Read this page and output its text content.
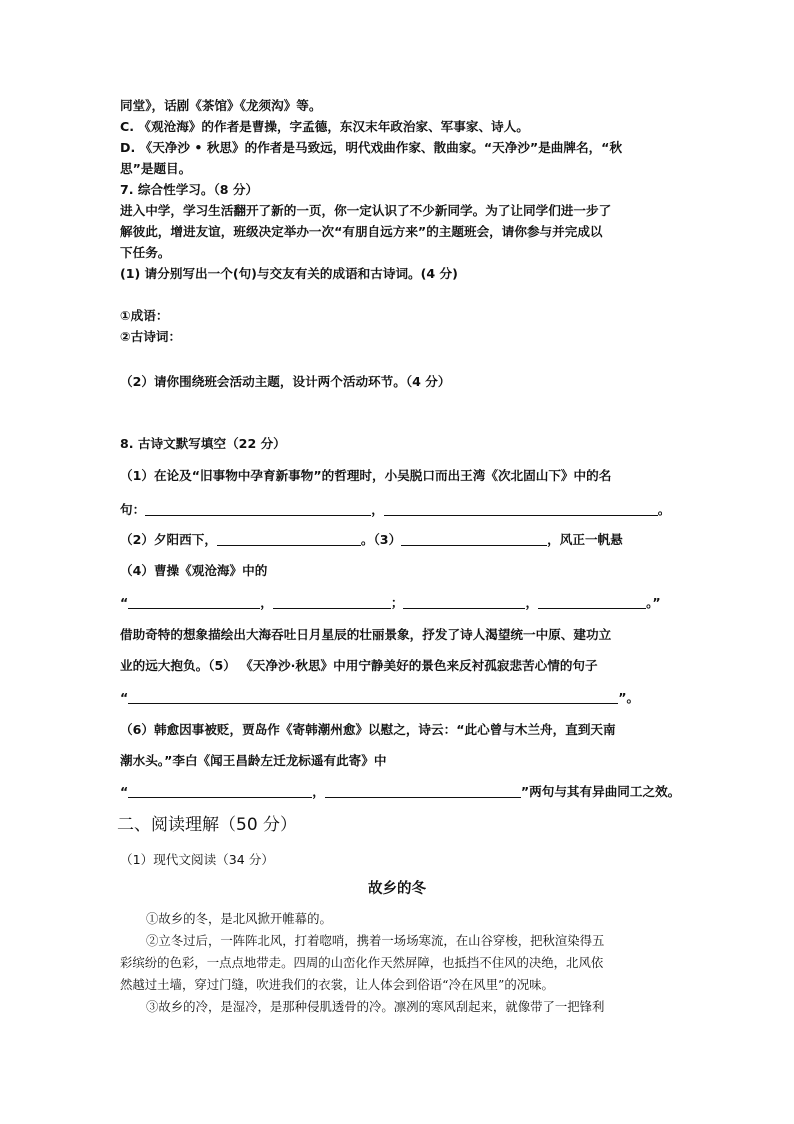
同堂》，话剧《茶馆》《龙须沟》等。
C. 《观沧海》的作者是曹操，字孟德，东汉末年政治家、军事家、诗人。
D. 《天净沙 • 秋思》的作者是马致远，明代戏曲作家、散曲家。“天净沙”是曲牌名，“秋
思”是题目。
7. 综合性学习。（8 分）
进入中学，学习生活翻开了新的一页，你一定认识了不少新同学。为了让同学们进一步了
解彼此，增进友谊，班级决定举办一次“有朋自远方来”的主题班会，请你参与并完成以
下任务。
(1) 请分别写出一个(句)与交友有关的成语和古诗词。(4 分)
①成语：
②古诗词：
（2）请你围绕班会活动主题，设计两个活动环节。（4 分）
8. 古诗文默写填空（22 分）
（1）在论及“旧事物中孕育新事物”的哲理时，小吴脱口而出王湾《次北固山下》中的名
句：	，	。
（2）夕阳西下，	。（3）	，风正一帆悬
（4）曹操《观沧海》中的
“	，	；	，	。”
借助奇特的想象描绘出大海吞吐日月星辰的壮丽景象，抒发了诗人渴望统一中原、建功立
业的远大抱负。（5） 《天净沙·秋思》中用宁静美好的景色来反衬孤寂悲苦心情的句子
“	”。
（6）韩愈因事被贬，贾岛作《寄韩潮州愈》以慰之，诗云：“此心曾与木兰舟，直到天南
潮水头。”李白《闻王昌龄左迁龙标遥有此寄》中
“	，	”两句与其有异曲同工之效。
二、阅读理解（50 分）
（1）现代文阅读（34 分）
故乡的冬
①故乡的冬，是北风掀开帷幕的。
②立冬过后，一阵阵北风，打着唿哨，携着一场场寒流，在山谷穿梭，把秋渲染得五
彩缤纷的色彩，一点点地带走。四周的山峦化作天然屏障，也抵挡不住风的决绝，北风依
然越过土墙，穿过门缝，吹进我们的衣裳，让人体会到俗语“冷在风里”的况味。
③故乡的冷，是湿冷，是那种侵肌透骨的冷。凛冽的寒风刮起来，就像带了一把锋利
